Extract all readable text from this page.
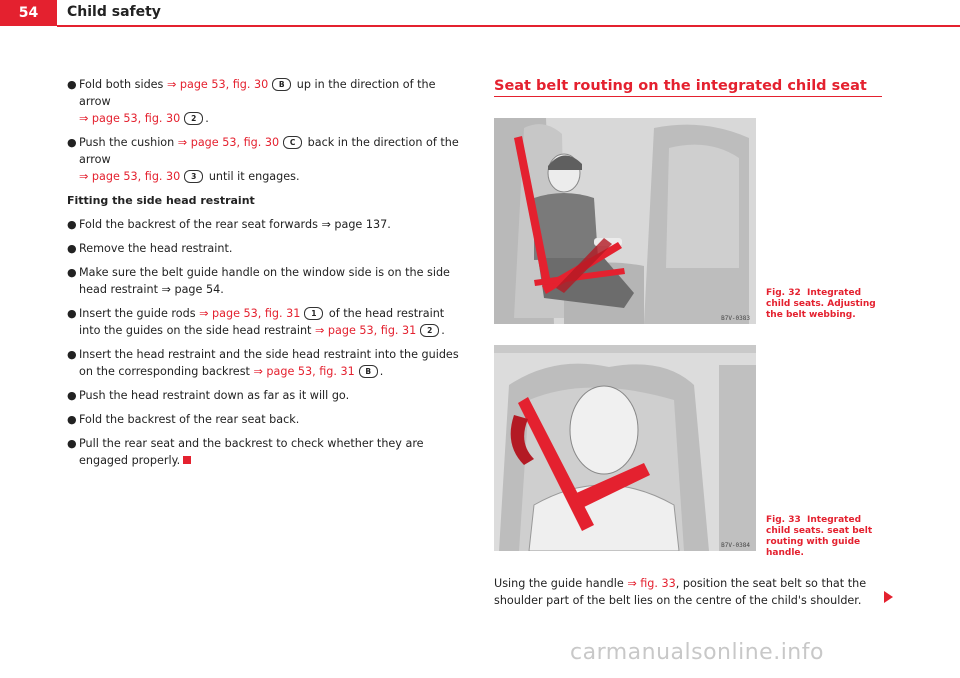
54	Child safety

● Fold both sides ⇒ page 53, fig. 30 B up in the direction of the arrow
⇒ page 53, fig. 30 2 .

● Push the cushion ⇒ page 53, fig. 30 C back in the direction of the arrow
⇒ page 53, fig. 30 3 until it engages.

Fitting the side head restraint

● Fold the backrest of the rear seat forwards ⇒ page 137.

● Remove the head restraint.

● Make sure the belt guide handle on the window side is on the side head restraint ⇒ page 54.

● Insert the guide rods ⇒ page 53, fig. 31 1 of the head restraint into the guides on the side head restraint ⇒ page 53, fig. 31 2 .

● Insert the head restraint and the side head restraint into the guides on the corresponding backrest ⇒ page 53, fig. 31 B .

● Push the head restraint down as far as it will go.

● Fold the backrest of the rear seat back.

● Pull the rear seat and the backrest to check whether they are engaged properly.

Seat belt routing on the integrated child seat
B7V-0383
Fig. 32 Integrated child seats. Adjusting the belt webbing.
B7V-0384
Fig. 33 Integrated child seats. seat belt routing with guide handle.
Using the guide handle ⇒ fig. 33, position the seat belt so that the shoulder part of the belt lies on the centre of the child's shoulder.
carmanualsonline.info
